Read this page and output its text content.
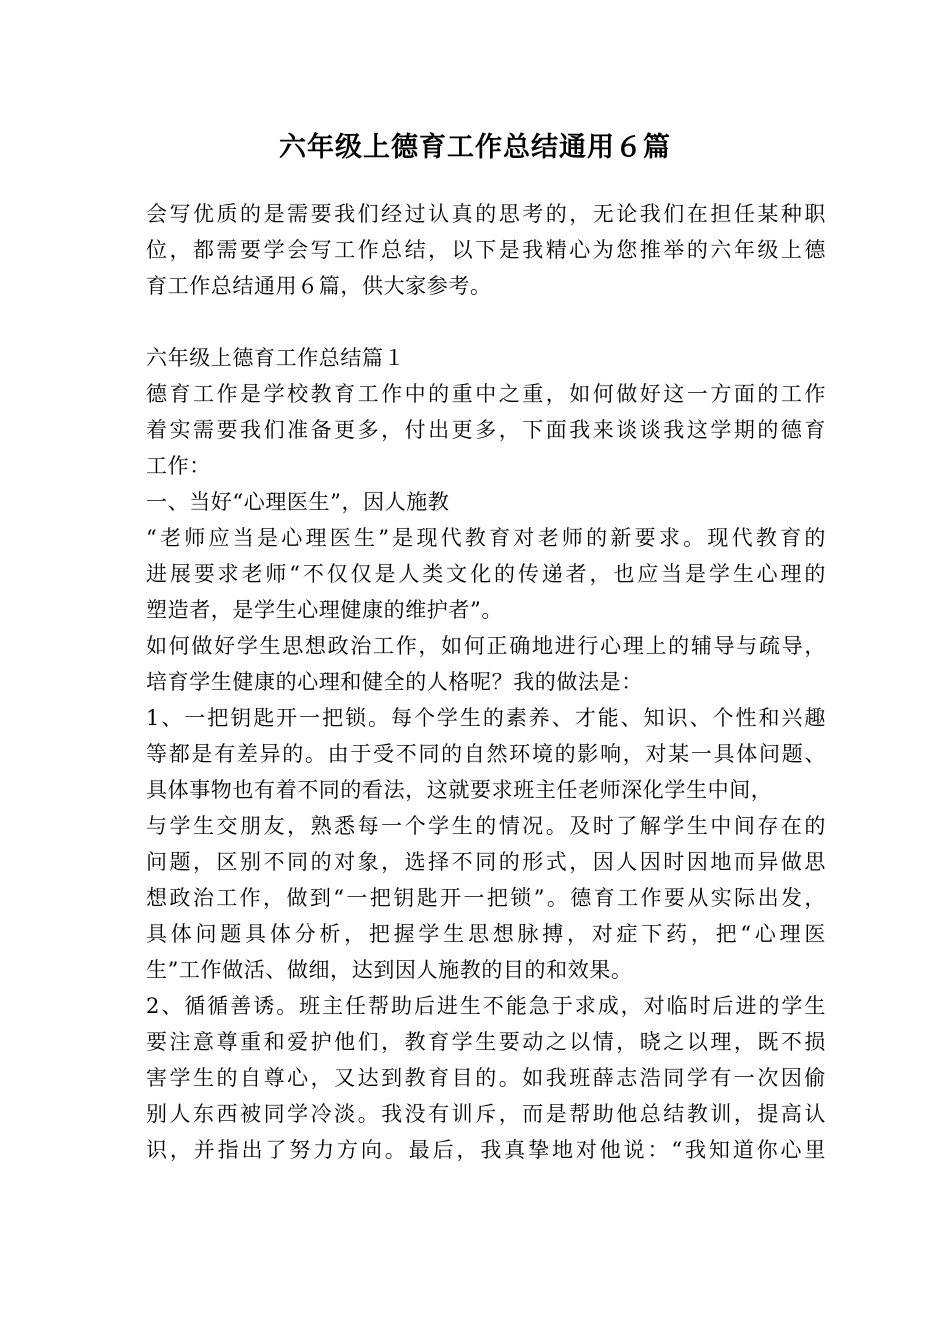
六年级上德育工作总结通用６篇

会写优质的是需要我们经过认真的思考的，无论我们在担任某种职

位，都需要学会写工作总结，以下是我精心为您推举的六年级上德

育工作总结通用６篇，供大家参考。

六年级上德育工作总结篇１

德育工作是学校教育工作中的重中之重，如何做好这一方面的工作

着实需要我们准备更多，付出更多，下面我来谈谈我这学期的德育

工作：

一、当好“心理医生”，因人施教

“老师应当是心理医生”是现代教育对老师的新要求。现代教育的

进展要求老师“不仅仅是人类文化的传递者，也应当是学生心理的

塑造者，是学生心理健康的维护者”。

如何做好学生思想政治工作，如何正确地进行心理上的辅导与疏导，

培育学生健康的心理和健全的人格呢？我的做法是：

1、一把钥匙开一把锁。每个学生的素养、才能、知识、个性和兴趣

等都是有差异的。由于受不同的自然环境的影响，对某一具体问题、

具体事物也有着不同的看法，这就要求班主任老师深化学生中间，

与学生交朋友，熟悉每一个学生的情况。及时了解学生中间存在的

问题，区别不同的对象，选择不同的形式，因人因时因地而异做思

想政治工作，做到“一把钥匙开一把锁”。德育工作要从实际出发，

具体问题具体分析，把握学生思想脉搏，对症下药，把“心理医

生”工作做活、做细，达到因人施教的目的和效果。

2、循循善诱。班主任帮助后进生不能急于求成，对临时后进的学生

要注意尊重和爱护他们，教育学生要动之以情，晓之以理，既不损

害学生的自尊心，又达到教育目的。如我班薛志浩同学有一次因偷

别人东西被同学冷淡。我没有训斥，而是帮助他总结教训，提高认

识，并指出了努力方向。最后，我真挚地对他说：“我知道你心里
